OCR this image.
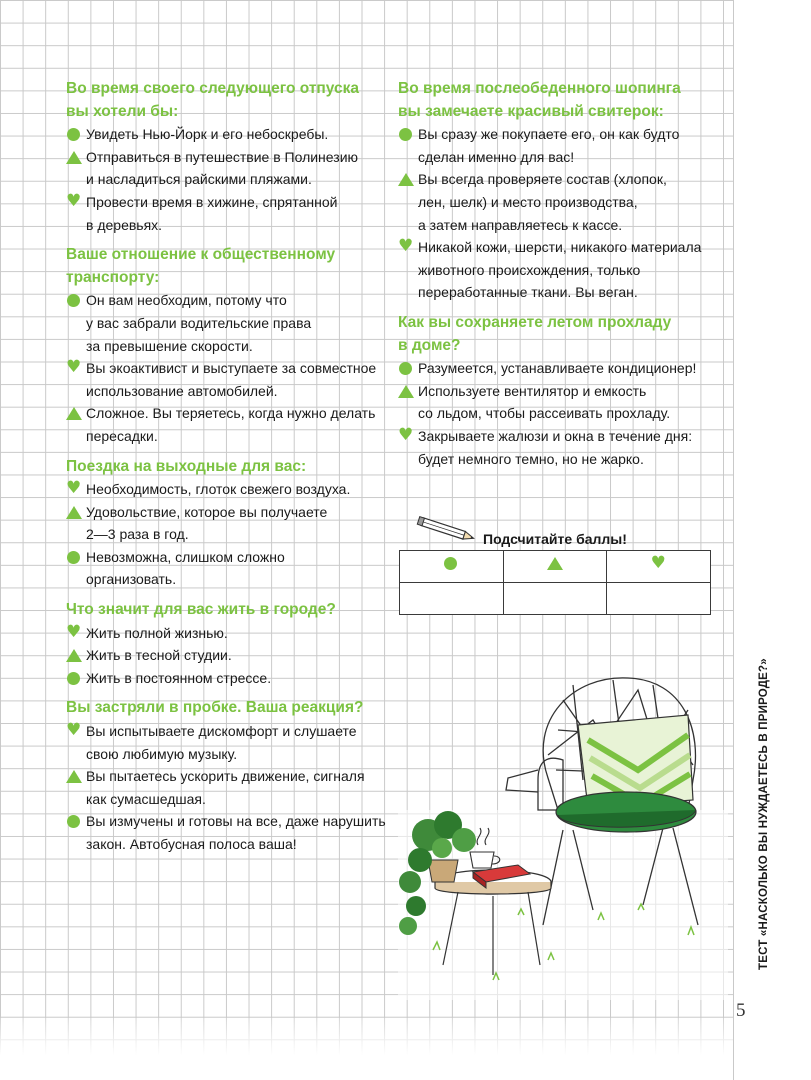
Во время своего следующего отпуска
вы хотели бы:
Увидеть Нью-Йорк и его небоскребы.
Отправиться в путешествие в Полинезию
и насладиться райскими пляжами.
♥
Провести время в хижине, спрятанной
в деревьях.
Ваше отношение к общественному
транспорту:
Он вам необходим, потому что
у вас забрали водительские права
за превышение скорости.
♥
Вы экоактивист и выступаете за совместное
использование автомобилей.
Сложное. Вы теряетесь, когда нужно делать
пересадки.
Поездка на выходные для вас:
♥
Необходимость, глоток свежего воздуха.
Удовольствие, которое вы получаете
2—3 раза в год.
Невозможна, слишком сложно
организовать.
Что значит для вас жить в городе?
♥
Жить полной жизнью.
Жить в тесной студии.
Жить в постоянном стрессе.
Вы застряли в пробке. Ваша реакция?
♥
Вы испытываете дискомфорт и слушаете
свою любимую музыку.
Вы пытаетесь ускорить движение, сигналя
как сумасшедшая.
Вы измучены и готовы на все, даже нарушить
закон. Автобусная полоса ваша!
Во время послеобеденного шопинга
вы замечаете красивый свитерок:
Вы сразу же покупаете его, он как будто
сделан именно для вас!
Вы всегда проверяете состав (хлопок,
лен, шелк) и место производства,
а затем направляетесь к кассе.
♥
Никакой кожи, шерсти, никакого материала
животного происхождения, только
переработанные ткани. Вы веган.
Как вы сохраняете летом прохладу
в доме?
Разумеется, устанавливаете кондиционер!
Используете вентилятор и емкость
со льдом, чтобы рассеивать прохладу.
♥
Закрываете жалюзи и окна в течение дня:
будет немного темно, но не жарко.
Подсчитайте баллы!
		♥

ТЕСТ «НАСКОЛЬКО ВЫ НУЖДАЕТЕСЬ В ПРИРОДЕ?»
5
